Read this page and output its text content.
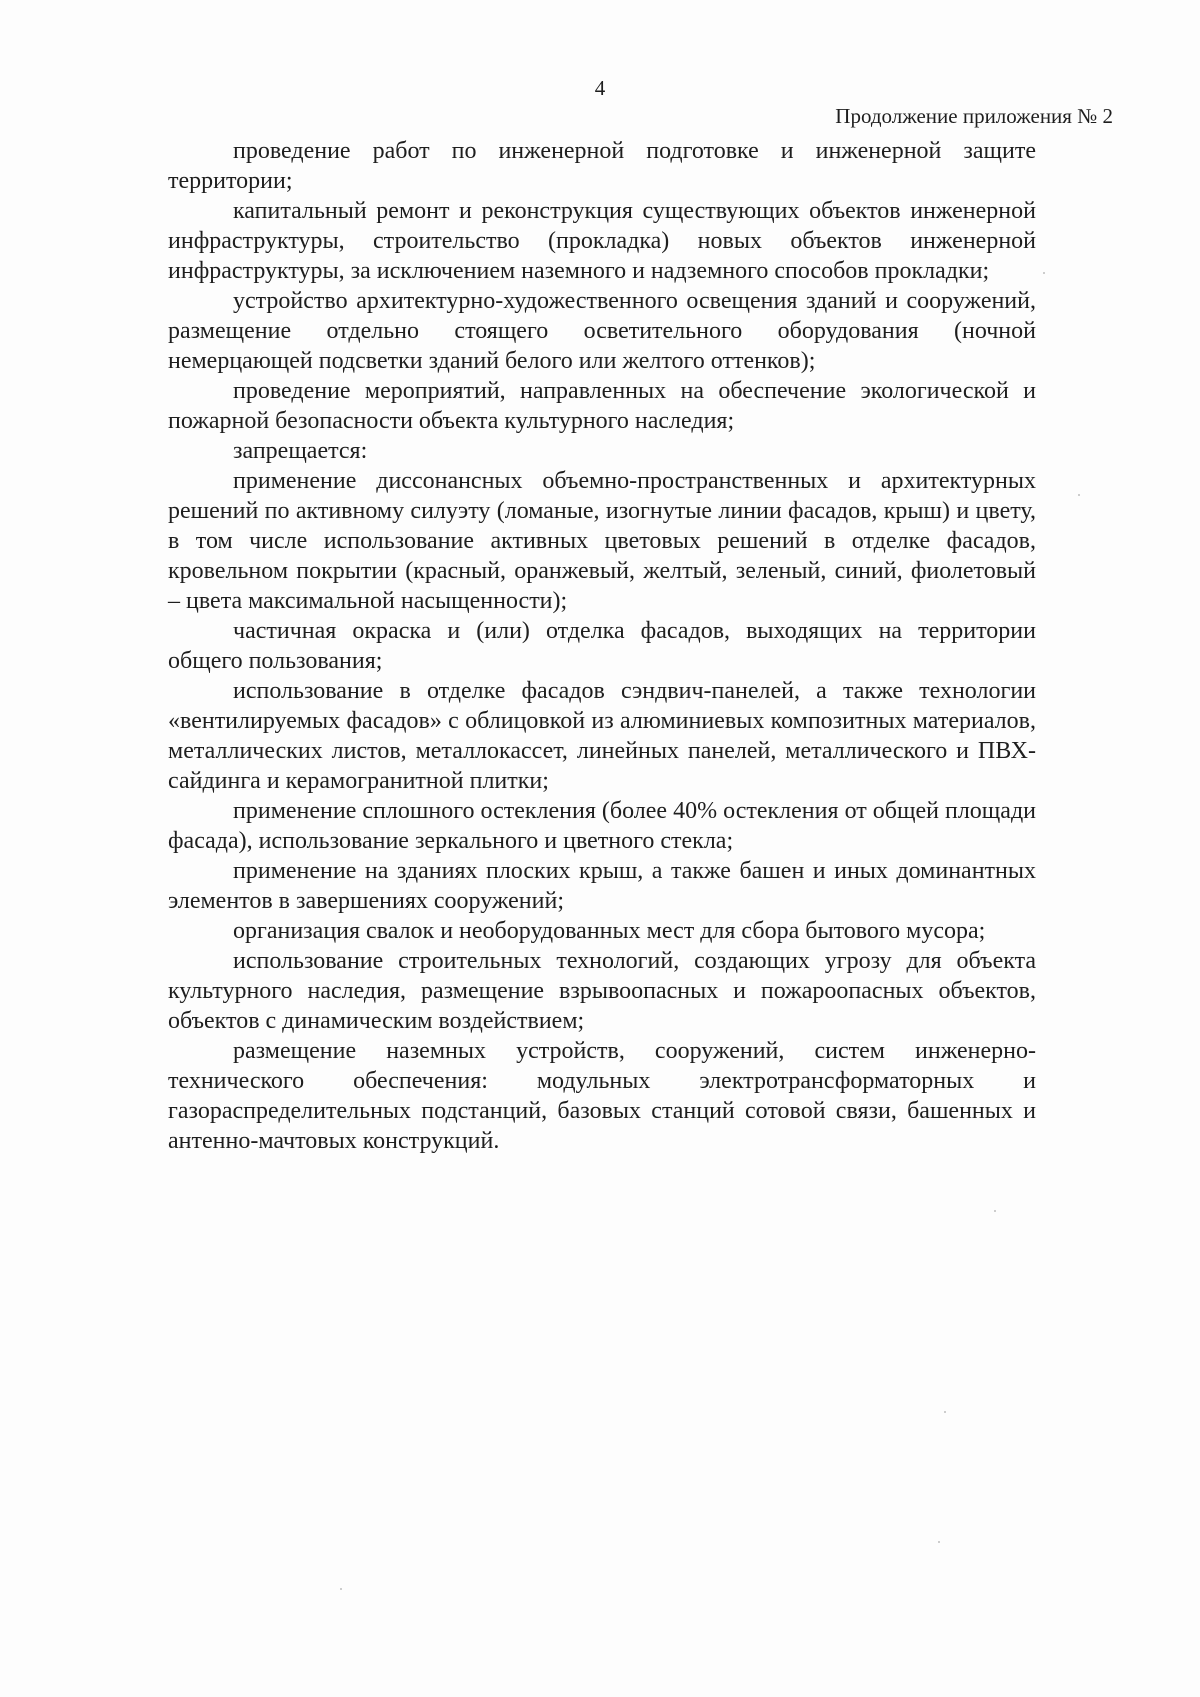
4
Продолжение приложения № 2

проведение работ по инженерной подготовке и инженерной защите территории;

капитальный ремонт и реконструкция существующих объектов инженерной инфраструктуры, строительство (прокладка) новых объектов инженерной инфраструктуры, за исключением наземного и надземного способов прокладки;

устройство архитектурно-художественного освещения зданий и сооружений, размещение отдельно стоящего осветительного оборудования (ночной немерцающей подсветки зданий белого или желтого оттенков);

проведение мероприятий, направленных на обеспечение экологической и пожарной безопасности объекта культурного наследия;

запрещается:

применение диссонансных объемно-пространственных и архитектурных решений по активному силуэту (ломаные, изогнутые линии фасадов, крыш) и цвету, в том числе использование активных цветовых решений в отделке фасадов, кровельном покрытии (красный, оранжевый, желтый, зеленый, синий, фиолетовый – цвета максимальной насыщенности);

частичная окраска и (или) отделка фасадов, выходящих на территории общего пользования;

использование в отделке фасадов сэндвич-панелей, а также технологии «вентилируемых фасадов» с облицовкой из алюминиевых композитных материалов, металлических листов, металлокассет, линейных панелей, металлического и ПВХ-сайдинга и керамогранитной плитки;

применение сплошного остекления (более 40% остекления от общей площади фасада), использование зеркального и цветного стекла;

применение на зданиях плоских крыш, а также башен и иных доминантных элементов в завершениях сооружений;

организация свалок и необорудованных мест для сбора бытового мусора;

использование строительных технологий, создающих угрозу для объекта культурного наследия, размещение взрывоопасных и пожароопасных объектов, объектов с динамическим воздействием;

размещение наземных устройств, сооружений, систем инженерно-технического обеспечения: модульных электротрансформаторных и газораспределительных подстанций, базовых станций сотовой связи, башенных и антенно-мачтовых конструкций.
